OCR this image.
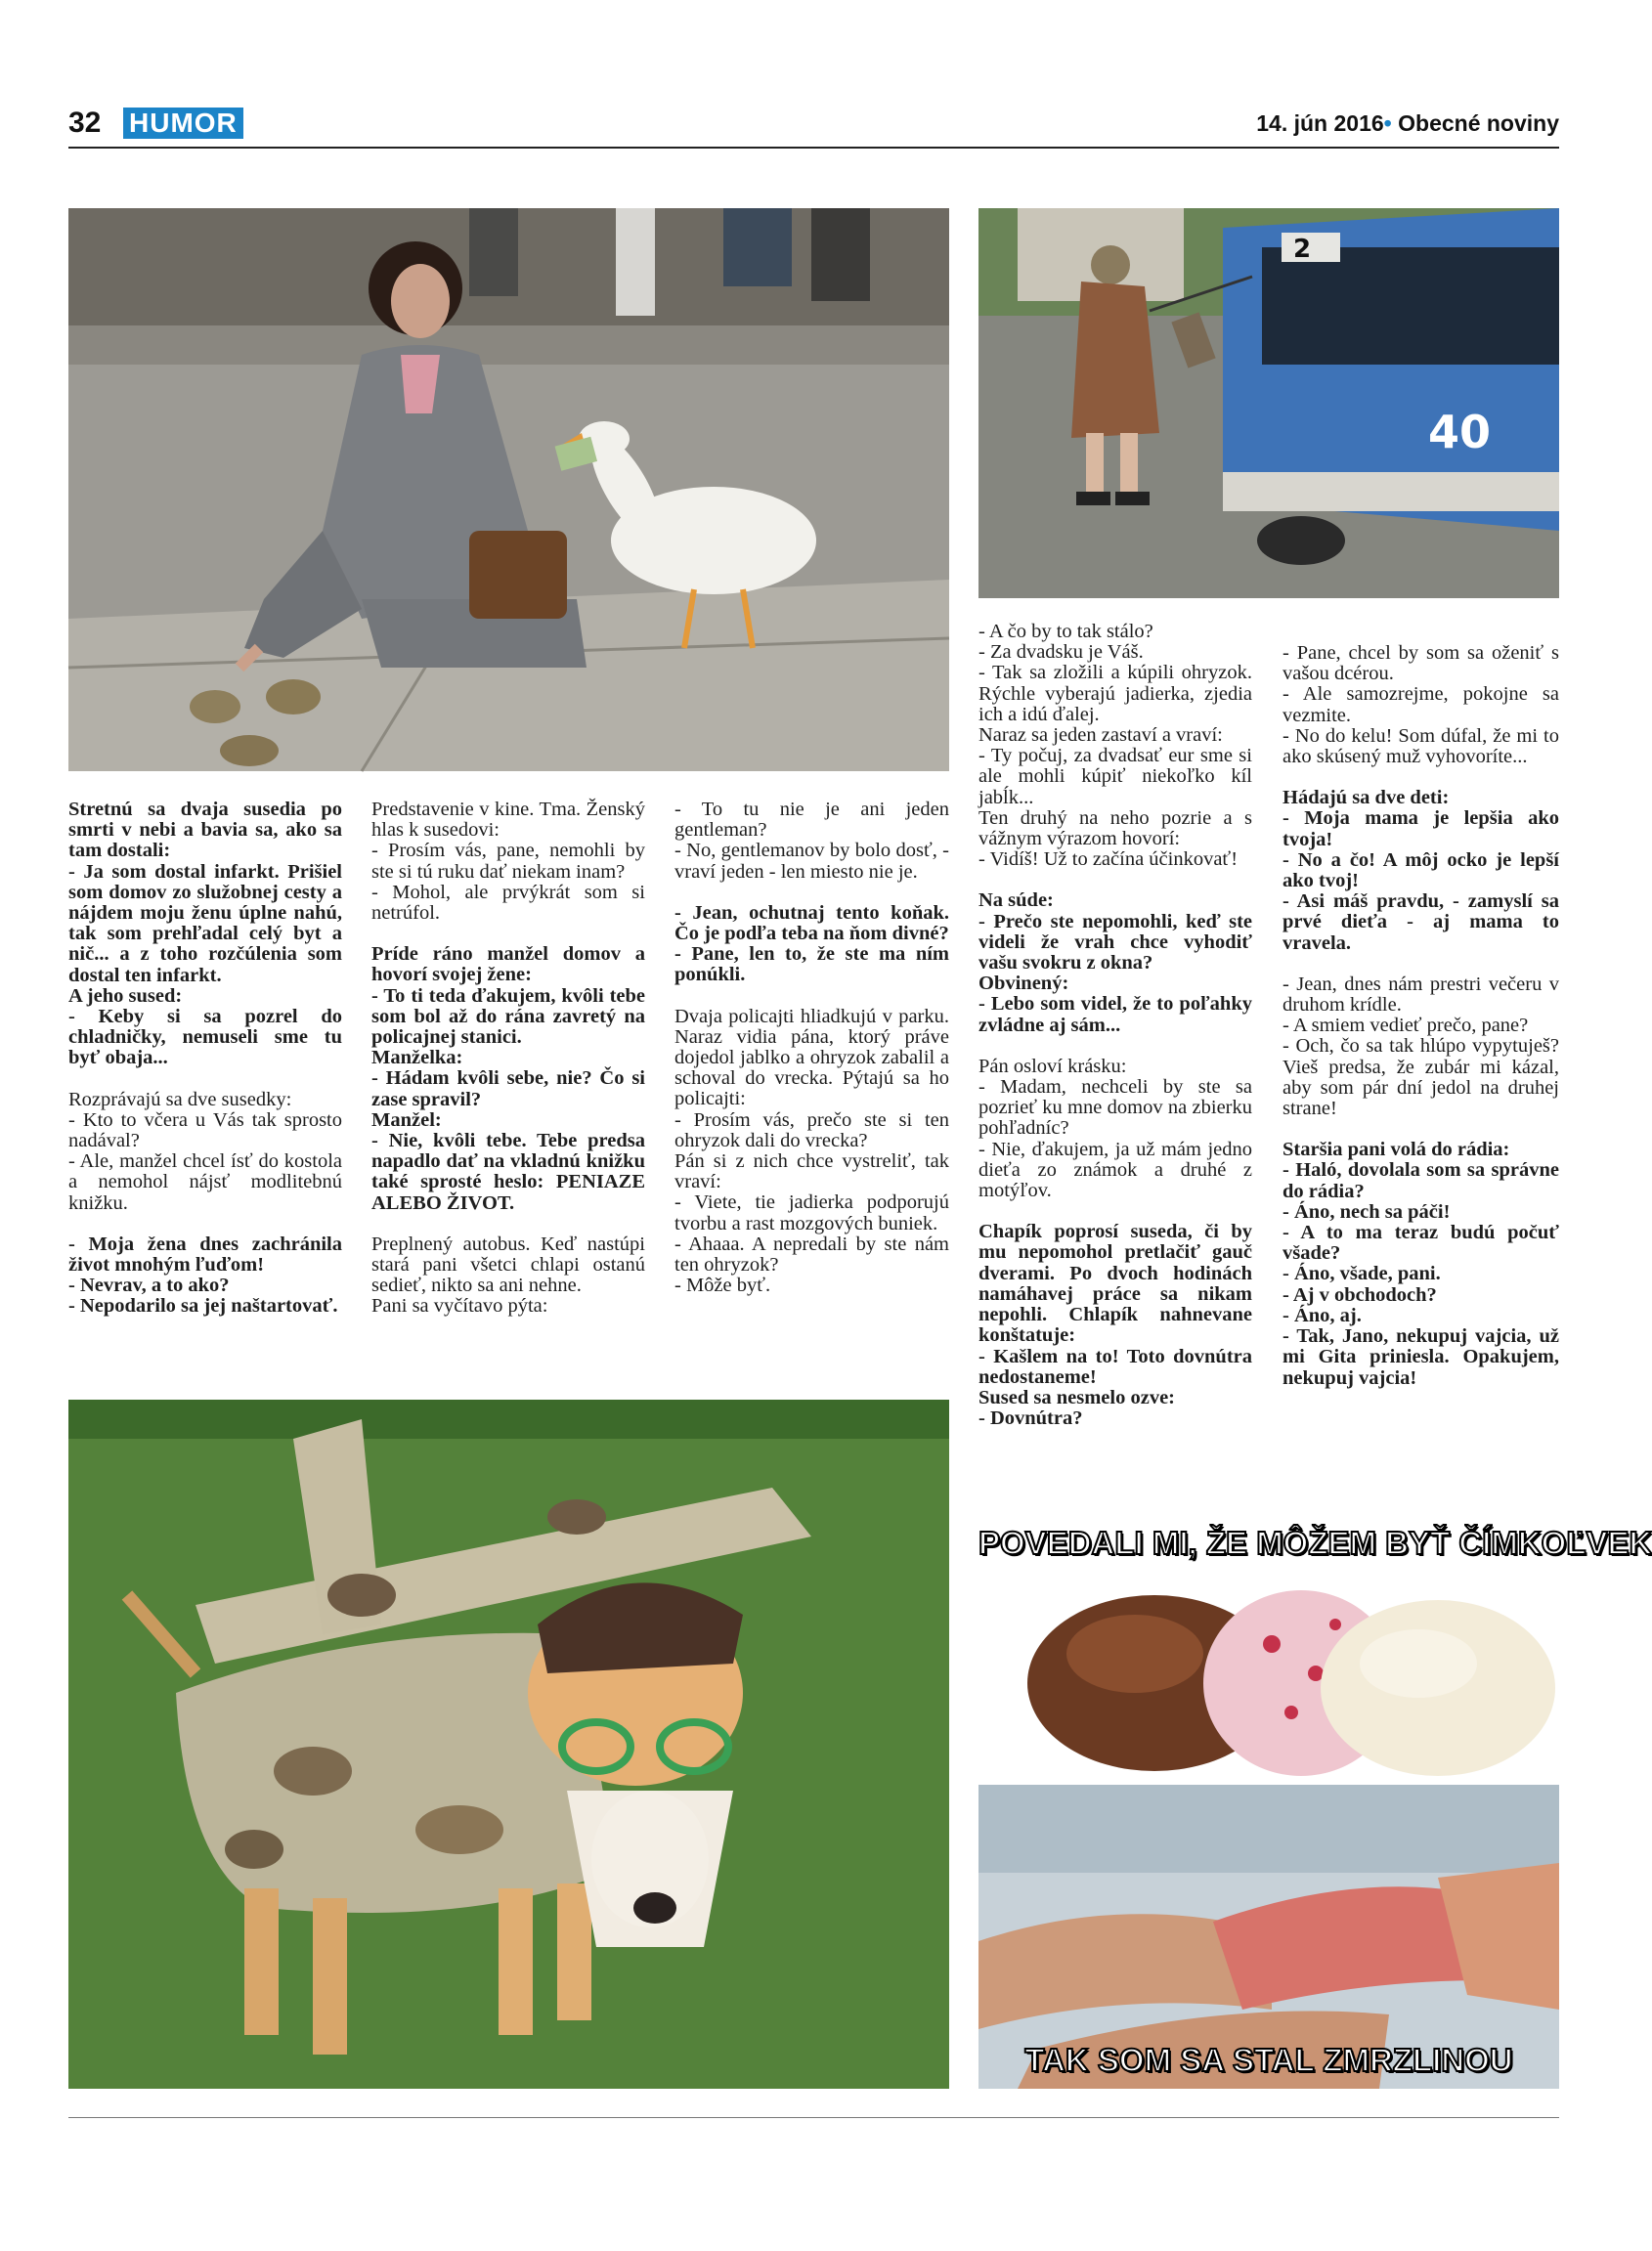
32 HUMOR	14. jún 2016• Obecné noviny
2
40
POVEDALI MI, ŽE MÔŽEM BYŤ ČÍMKOĽVEK
TAK SOM SA STAL ZMRZLINOU

Stretnú sa dvaja susedia po smrti v nebi a bavia sa, ako sa tam dostali:
- Ja som dostal infarkt. Prišiel som domov zo služobnej cesty a nájdem moju ženu úplne nahú, tak som prehľadal celý byt a nič... a z toho rozčúlenia som dostal ten infarkt.
A jeho sused:
- Keby si sa pozrel do chladničky, nemuseli sme tu byť obaja...

Rozprávajú sa dve susedky:
- Kto to včera u Vás tak sprosto nadával?
- Ale, manžel chcel ísť do kostola a nemohol nájsť modlitebnú knižku.

- Moja žena dnes zachránila život mnohým ľuďom!
- Nevrav, a to ako?
- Nepodarilo sa jej naštartovať.

Predstavenie v kine. Tma. Ženský hlas k susedovi:
- Prosím vás, pane, nemohli by ste si tú ruku dať niekam inam?
- Mohol, ale prvýkrát som si netrúfol.

Príde ráno manžel domov a hovorí svojej žene:
- To ti teda ďakujem, kvôli tebe som bol až do rána zavretý na policajnej stanici.
Manželka:
- Hádam kvôli sebe, nie? Čo si zase spravil?
Manžel:
- Nie, kvôli tebe. Tebe predsa napadlo dať na vkladnú knižku také sprosté heslo: PENIAZE ALEBO ŽIVOT.

Preplnený autobus. Keď nastúpi stará pani všetci chlapi ostanú sedieť, nikto sa ani nehne.
Pani sa vyčítavo pýta:

- To tu nie je ani jeden gentleman?
- No, gentlemanov by bolo dosť, - vraví jeden - len miesto nie je.

- Jean, ochutnaj tento koňak. Čo je podľa teba na ňom divné?
- Pane, len to, že ste ma ním ponúkli.

Dvaja policajti hliadkujú v parku. Naraz vidia pána, ktorý práve dojedol jablko a ohryzok zabalil a schoval do vrecka. Pýtajú sa ho policajti:
- Prosím vás, prečo ste si ten ohryzok dali do vrecka?
Pán si z nich chce vystreliť, tak vraví:
- Viete, tie jadierka podporujú tvorbu a rast mozgových buniek.
- Ahaaa. A nepredali by ste nám ten ohryzok?
- Môže byť.

- A čo by to tak stálo?
- Za dvadsku je Váš.
- Tak sa zložili a kúpili ohryzok. Rýchle vyberajú jadierka, zjedia ich a idú ďalej.
Naraz sa jeden zastaví a vraví:
- Ty počuj, za dvadsať eur sme si ale mohli kúpiť niekoľko kíl jabĺk...
Ten druhý na neho pozrie a s vážnym výrazom hovorí:
- Vidíš! Už to začína účinkovať!

Na súde:
- Prečo ste nepomohli, keď ste videli že vrah chce vyhodiť vašu svokru z okna?
Obvinený:
- Lebo som videl, že to poľahky zvládne aj sám...

Pán osloví krásku:
- Madam, nechceli by ste sa pozrieť ku mne domov na zbierku pohľadníc?
- Nie, ďakujem, ja už mám jedno dieťa zo známok a druhé z motýľov.

Chapík poprosí suseda, či by mu nepomohol pretlačiť gauč dverami. Po dvoch hodinách namáhavej práce sa nikam nepohli. Chlapík nahnevane konštatuje:
- Kašlem na to! Toto dovnútra nedostaneme!
Sused sa nesmelo ozve:
- Dovnútra?

- Pane, chcel by som sa oženiť s vašou dcérou.
- Ale samozrejme, pokojne sa vezmite.
- No do kelu! Som dúfal, že mi to ako skúsený muž vyhovoríte...

Hádajú sa dve deti:
- Moja mama je lepšia ako tvoja!
- No a čo! A môj ocko je lepší ako tvoj!
- Asi máš pravdu, - zamyslí sa prvé dieťa - aj mama to vravela.

- Jean, dnes nám prestri večeru v druhom krídle.
- A smiem vedieť prečo, pane?
- Och, čo sa tak hlúpo vypytuješ? Vieš predsa, že zubár mi kázal, aby som pár dní jedol na druhej strane!

Staršia pani volá do rádia:
- Haló, dovolala som sa správne do rádia?
- Áno, nech sa páči!
- A to ma teraz budú počuť všade?
- Áno, všade, pani.
- Aj v obchodoch?
- Áno, aj.
- Tak, Jano, nekupuj vajcia, už mi Gita priniesla. Opakujem, nekupuj vajcia!
